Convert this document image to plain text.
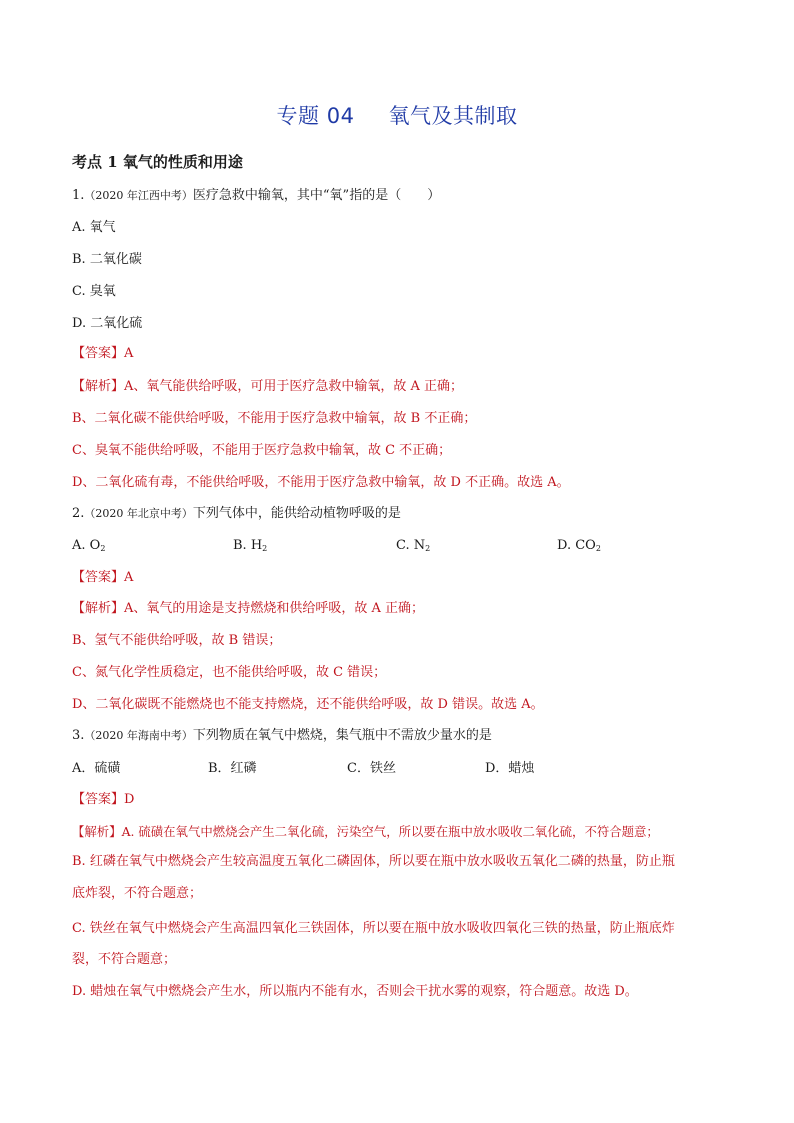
专题 04 氧气及其制取
考点 1 氧气的性质和用途
1.（2020 年江西中考）医疗急救中输氧，其中“氧”指的是（　　）
A. 氧气
B. 二氧化碳
C. 臭氧
D. 二氧化硫
【答案】A
【解析】A、氧气能供给呼吸，可用于医疗急救中输氧，故 A 正确；
B、二氧化碳不能供给呼吸，不能用于医疗急救中输氧，故 B 不正确；
C、臭氧不能供给呼吸，不能用于医疗急救中输氧，故 C 不正确；
D、二氧化硫有毒，不能供给呼吸，不能用于医疗急救中输氧，故 D 不正确。故选 A。
2.（2020 年北京中考）下列气体中，能供给动植物呼吸的是
A. $O_2$	B. $H_2$	C. $N_2$	D. $CO_2$
【答案】A
【解析】A、氧气的用途是支持燃烧和供给呼吸，故 A 正确；
B、氢气不能供给呼吸，故 B 错误；
C、氮气化学性质稳定，也不能供给呼吸，故 C 错误；
D、二氧化碳既不能燃烧也不能支持燃烧，还不能供给呼吸，故 D 错误。故选 A。
3.（2020 年海南中考）下列物质在氧气中燃烧，集气瓶中不需放少量水的是
A．硫磺	B．红磷	C．铁丝	D．蜡烛
【答案】D
【解析】A. 硫磺在氧气中燃烧会产生二氧化硫，污染空气，所以要在瓶中放水吸收二氧化硫，不符合题意；
B. 红磷在氧气中燃烧会产生较高温度五氧化二磷固体，所以要在瓶中放水吸收五氧化二磷的热量，防止瓶
底炸裂，不符合题意；
C. 铁丝在氧气中燃烧会产生高温四氧化三铁固体，所以要在瓶中放水吸收四氧化三铁的热量，防止瓶底炸
裂，不符合题意；
D. 蜡烛在氧气中燃烧会产生水，所以瓶内不能有水，否则会干扰水雾的观察，符合题意。故选 D。
